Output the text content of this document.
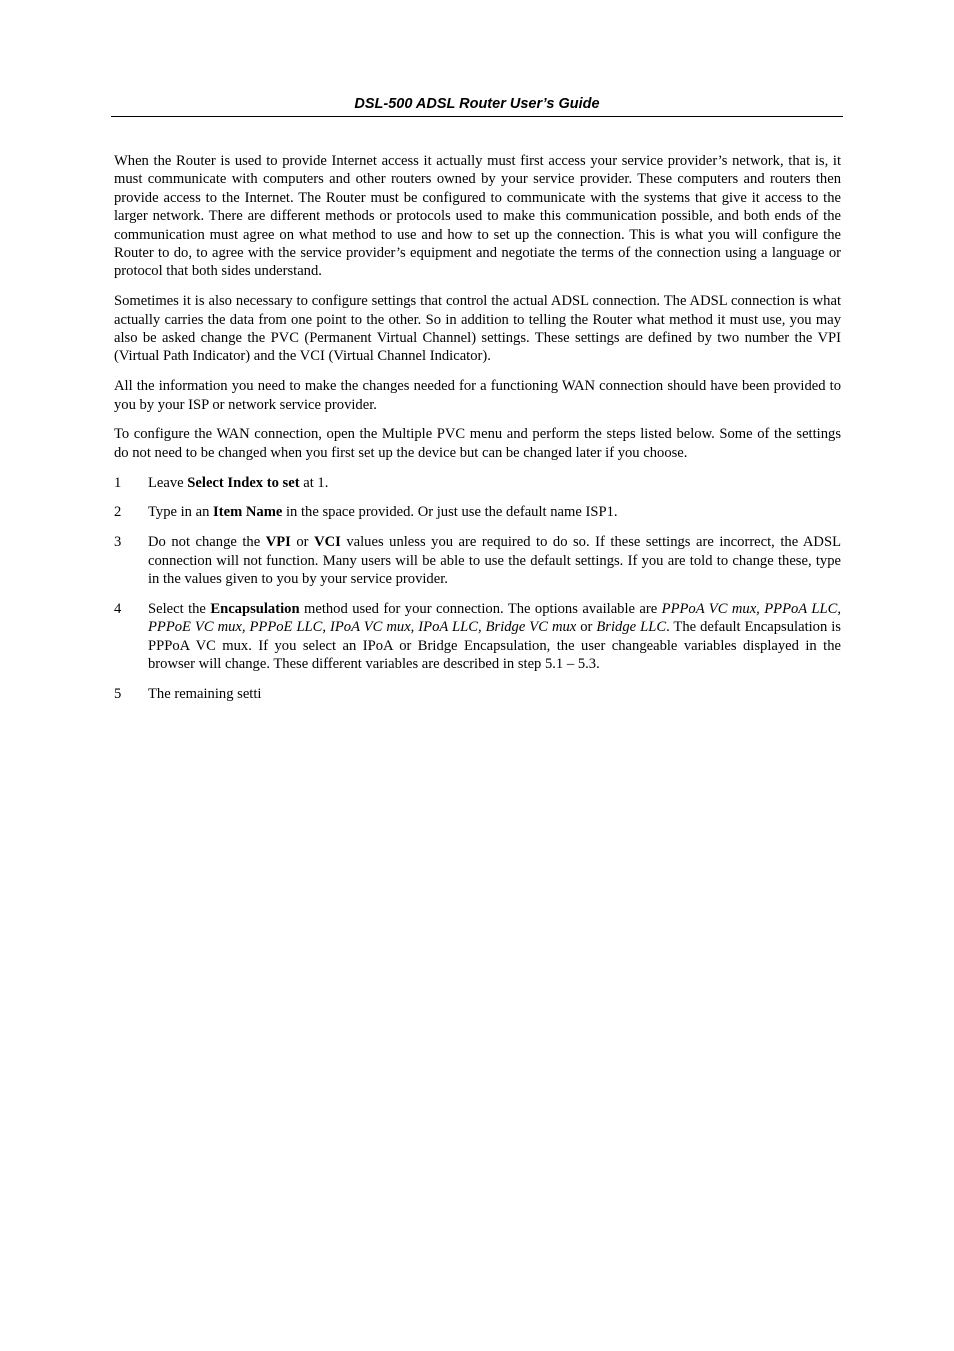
DSL-500 ADSL Router User’s Guide

When the Router is used to provide Internet access it actually must first access your service provider’s network, that is, it must communicate with computers and other routers owned by your service provider. These computers and routers then provide access to the Internet. The Router must be configured to communicate with the systems that give it access to the larger network. There are different methods or protocols used to make this communication possible, and both ends of the communication must agree on what method to use and how to set up the connection. This is what you will configure the Router to do, to agree with the service provider’s equipment and negotiate the terms of the connection using a language or protocol that both sides understand.

Sometimes it is also necessary to configure settings that control the actual ADSL connection. The ADSL connection is what actually carries the data from one point to the other. So in addition to telling the Router what method it must use, you may also be asked change the PVC (Permanent Virtual Channel) settings. These settings are defined by two number the VPI (Virtual Path Indicator) and the VCI (Virtual Channel Indicator).

All the information you need to make the changes needed for a functioning WAN connection should have been provided to you by your ISP or network service provider.

To configure the WAN connection, open the Multiple PVC menu and perform the steps listed below. Some of the settings do not need to be changed when you first set up the device but can be changed later if you choose.

1 Leave Select Index to set at 1.
2 Type in an Item Name in the space provided. Or just use the default name ISP1.
3 Do not change the VPI or VCI values unless you are required to do so. If these settings are incorrect, the ADSL connection will not function. Many users will be able to use the default settings. If you are told to change these, type in the values given to you by your service provider.
4 Select the Encapsulation method used for your connection. The options available are PPPoA VC mux, PPPoA LLC, PPPoE VC mux, PPPoE LLC, IPoA VC mux, IPoA LLC, Bridge VC mux or Bridge LLC. The default Encapsulation is PPPoA VC mux. If you select an IPoA or Bridge Encapsulation, the user changeable variables displayed in the browser will change. These different variables are described in step 5.1 – 5.3.
5 The remaining setti
